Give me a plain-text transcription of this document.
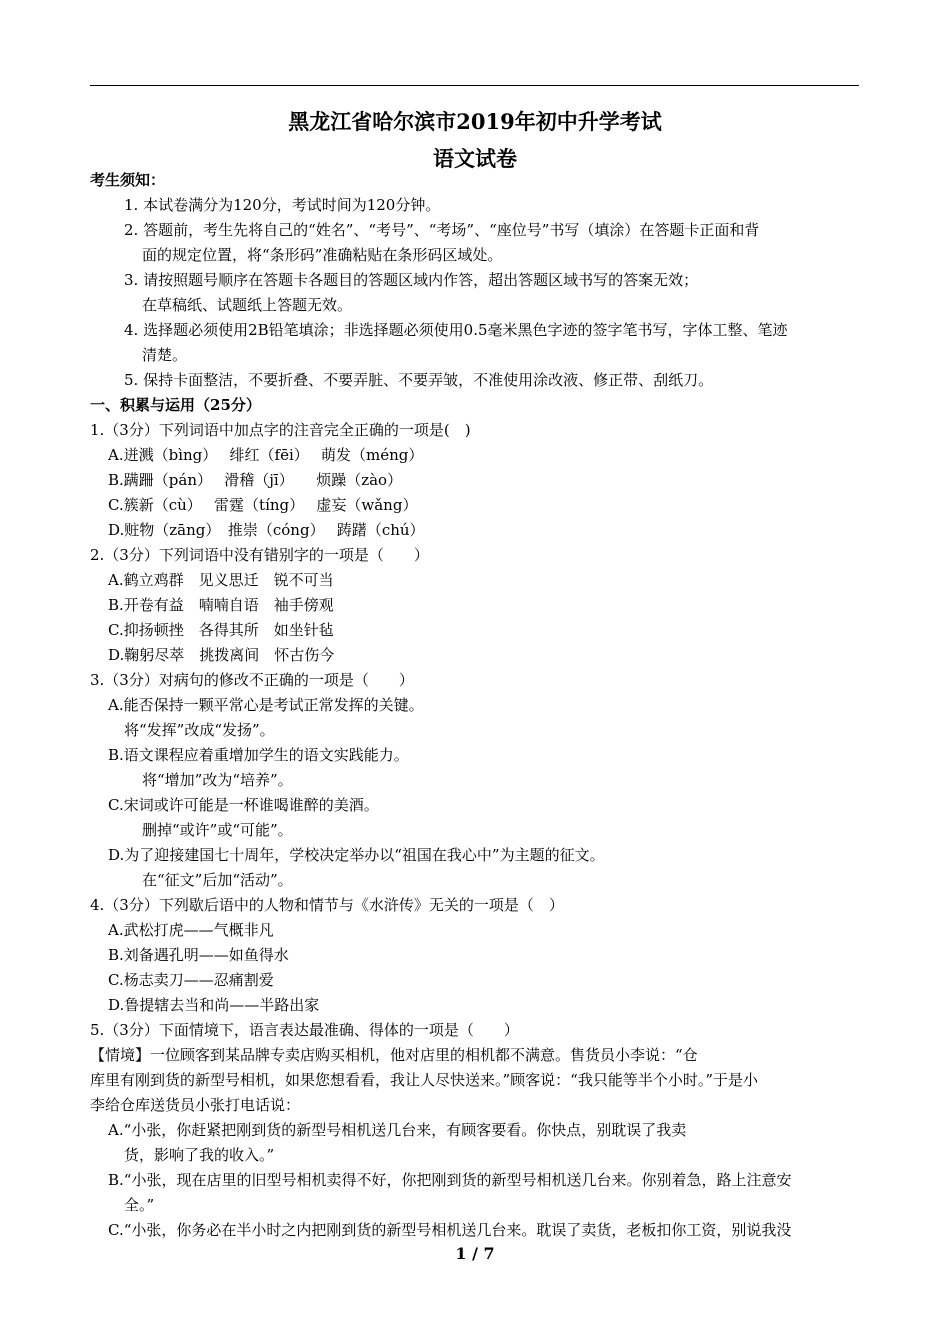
黑龙江省哈尔滨市2019年初中升学考试
语文试卷
考生须知：
1. 本试卷满分为120分，考试时间为120分钟。
2. 答题前，考生先将自己的“姓名”、“考号”、“考场”、“座位号”书写（填涂）在答题卡正面和背
面的规定位置，将“条形码”准确粘贴在条形码区域处。
3. 请按照题号顺序在答题卡各题目的答题区域内作答，超出答题区域书写的答案无效；
在草稿纸、试题纸上答题无效。
4. 选择题必须使用2B铅笔填涂；非选择题必须使用0.5毫米黑色字迹的签字笔书写，字体工整、笔迹
清楚。
5. 保持卡面整洁，不要折叠、不要弄脏、不要弄皱，不准使用涂改液、修正带、刮纸刀。
一、积累与运用（25分）
1.（3分）下列词语中加点字的注音完全正确的一项是(　)
A.迸溅（bìng）　 绯红（fēi）　 萌发（méng）
B.蹒跚（pán）　 滑稽（jī）　　烦躁（zào）
C.簇新（cù）　 雷霆（tíng）　 虚妄（wǎng）
D.赃物（zāng）　推崇（cóng）　 踌躇（chú）
2.（3分）下列词语中没有错别字的一项是（　　）
A.鹤立鸡群　见义思迁　锐不可当
B.开卷有益　喃喃自语　袖手傍观
C.抑扬顿挫　各得其所　如坐针毡
D.鞠躬尽萃　挑拨离间　怀古伤今
3.（3分）对病句的修改不正确的一项是（　　）
A.能否保持一颗平常心是考试正常发挥的关键。
将“发挥”改成“发扬”。
B.语文课程应着重增加学生的语文实践能力。
将“增加”改为“培养”。
C.宋词或许可能是一杯谁喝谁醉的美酒。
删掉“或许”或“可能”。
D.为了迎接建国七十周年，学校决定举办以“祖国在我心中”为主题的征文。
在“征文”后加“活动”。
4.（3分）下列歇后语中的人物和情节与《水浒传》无关的一项是（　）
A.武松打虎——气概非凡
B.刘备遇孔明——如鱼得水
C.杨志卖刀——忍痛割爱
D.鲁提辖去当和尚——半路出家
5.（3分）下面情境下，语言表达最准确、得体的一项是（　　）
【情境】一位顾客到某品牌专卖店购买相机，他对店里的相机都不满意。售货员小李说：“仓
库里有刚到货的新型号相机，如果您想看看，我让人尽快送来。”顾客说：“我只能等半个小时。”于是小
李给仓库送货员小张打电话说：
A.“小张，你赶紧把刚到货的新型号相机送几台来，有顾客要看。你快点，别耽误了我卖
货，影响了我的收入。”
B.“小张，现在店里的旧型号相机卖得不好，你把刚到货的新型号相机送几台来。你别着急，路上注意安
全。”
C.“小张，你务必在半小时之内把刚到货的新型号相机送几台来。耽误了卖货，老板扣你工资，别说我没
1 / 7
